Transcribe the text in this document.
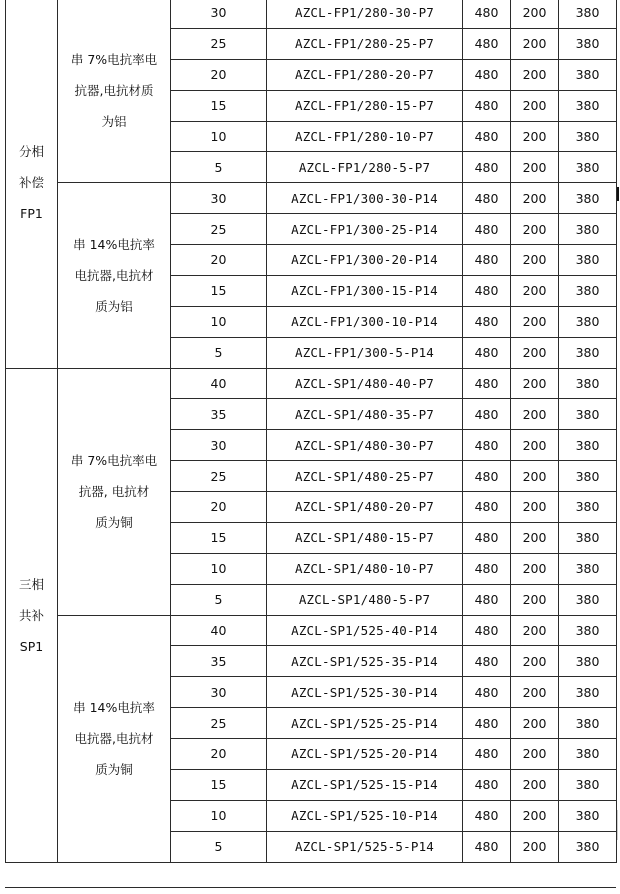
分相
补偿
FP1	串 7%电抗率电
抗器,电抗材质
为铝	30	AZCL-FP1/280-30-P7	480	200	380
		25	AZCL-FP1/280-25-P7	480	200	380
		20	AZCL-FP1/280-20-P7	480	200	380
		15	AZCL-FP1/280-15-P7	480	200	380
		10	AZCL-FP1/280-10-P7	480	200	380
		5	AZCL-FP1/280-5-P7	480	200	380

	串 14%电抗率
电抗器,电抗材
质为铝	30	AZCL-FP1/300-30-P14	480	200	380
		25	AZCL-FP1/300-25-P14	480	200	380
		20	AZCL-FP1/300-20-P14	480	200	380
		15	AZCL-FP1/300-15-P14	480	200	380
		10	AZCL-FP1/300-10-P14	480	200	380
		5	AZCL-FP1/300-5-P14	480	200	380

三相
共补
SP1	串 7%电抗率电
抗器, 电抗材
质为铜	40	AZCL-SP1/480-40-P7	480	200	380
		35	AZCL-SP1/480-35-P7	480	200	380
		30	AZCL-SP1/480-30-P7	480	200	380
		25	AZCL-SP1/480-25-P7	480	200	380
		20	AZCL-SP1/480-20-P7	480	200	380
		15	AZCL-SP1/480-15-P7	480	200	380
		10	AZCL-SP1/480-10-P7	480	200	380
		5	AZCL-SP1/480-5-P7	480	200	380

	串 14%电抗率
电抗器,电抗材
质为铜	40	AZCL-SP1/525-40-P14	480	200	380
		35	AZCL-SP1/525-35-P14	480	200	380
		30	AZCL-SP1/525-30-P14	480	200	380
		25	AZCL-SP1/525-25-P14	480	200	380
		20	AZCL-SP1/525-20-P14	480	200	380
		15	AZCL-SP1/525-15-P14	480	200	380
		10	AZCL-SP1/525-10-P14	480	200	380
		5	AZCL-SP1/525-5-P14	480	200	380
